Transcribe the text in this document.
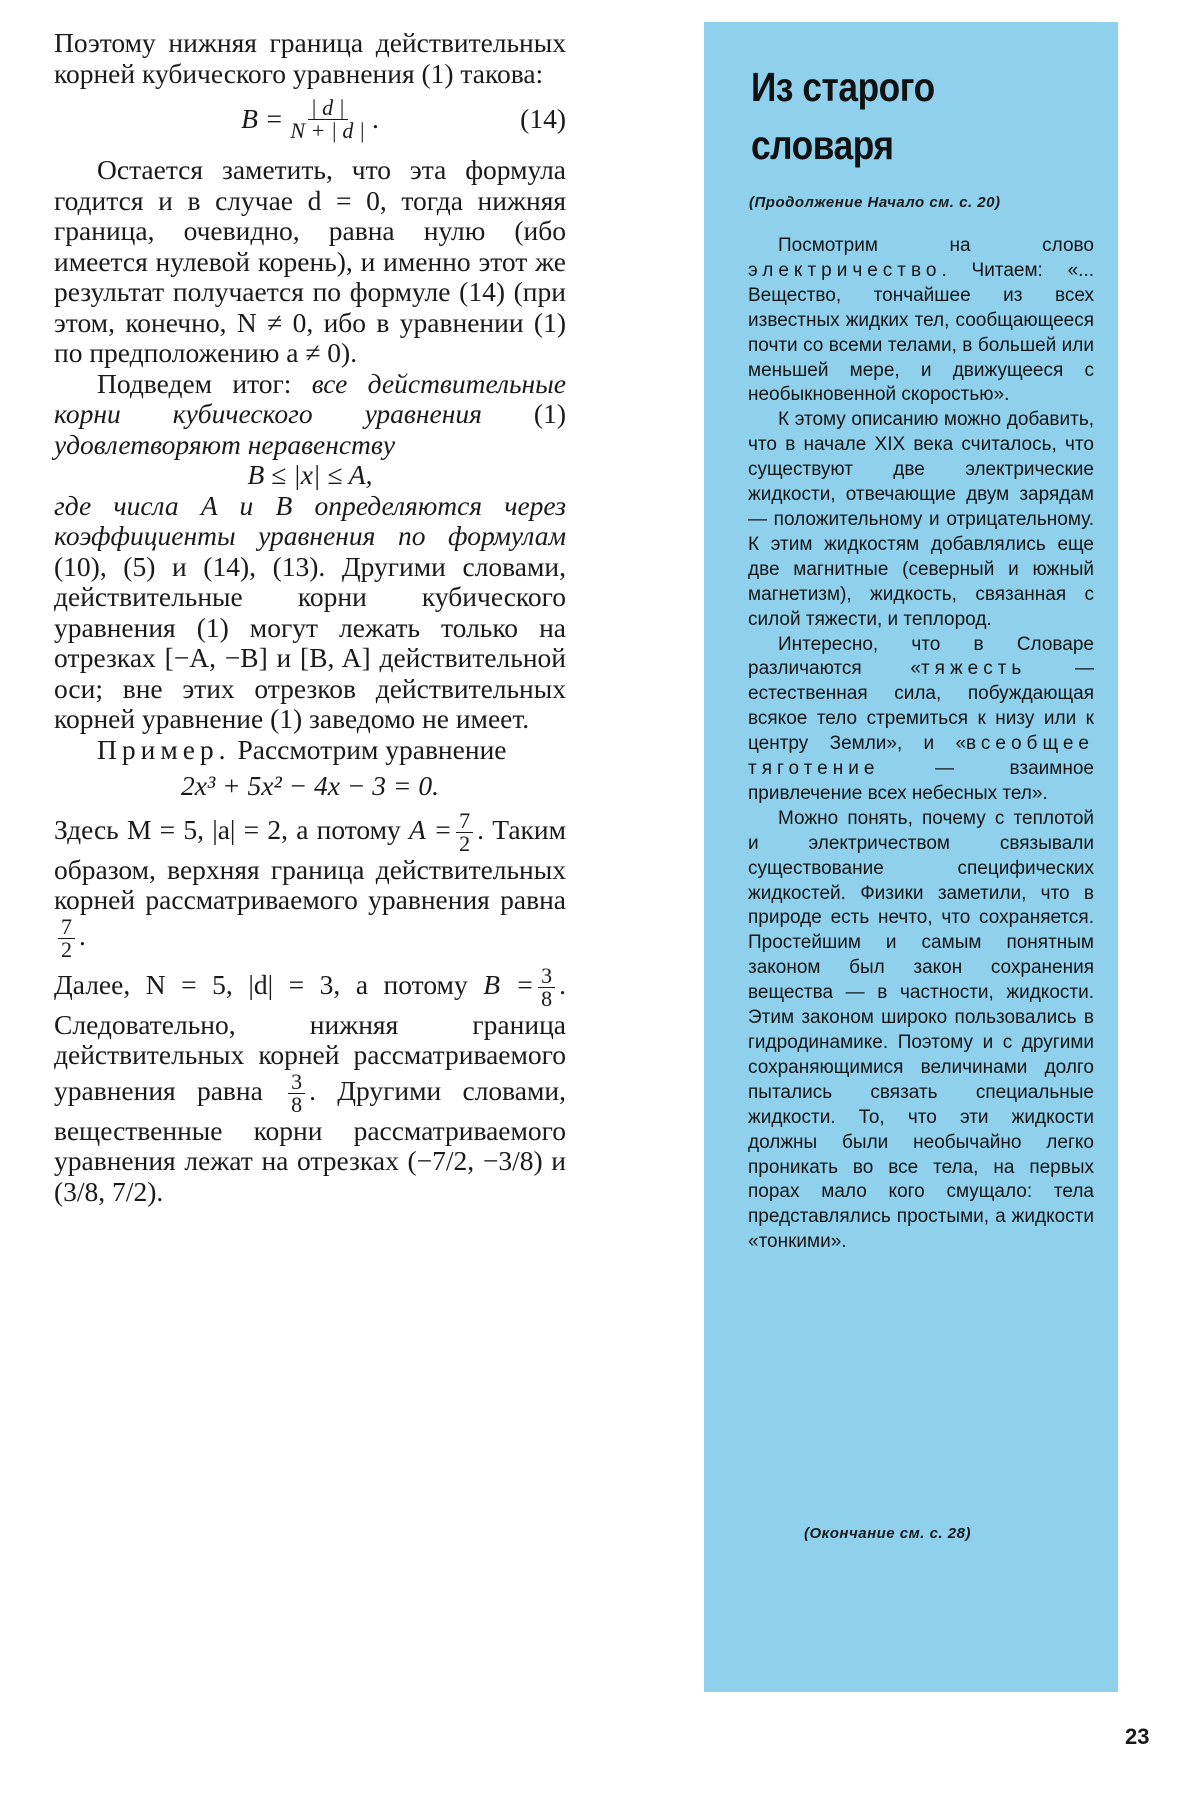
Поэтому нижняя граница действительных корней кубического уравнения (1) такова:

$B = \frac{| d |}{N + | d |}$ .	(14)

Остается заметить, что эта формула годится и в случае d = 0, тогда нижняя граница, очевидно, равна нулю (ибо имеется нулевой корень), и именно этот же результат получается по формуле (14) (при этом, конечно, N ≠ 0, ибо в уравнении (1) по предположению a ≠ 0).

Подведем итог: все действительные корни кубического уравнения (1) удовлетворяют неравенству

B ≤ |x| ≤ A,

где числа A и B определяются через коэффициенты уравнения по формулам (10), (5) и (14), (13). Другими словами, действительные корни кубического уравнения (1) могут лежать только на отрезках [−A, −B] и [B, A] действительной оси; вне этих отрезков действительных корней уравнение (1) заведомо не имеет.

Пример. Рассмотрим уравнение

2x³ + 5x² − 4x − 3 = 0.

Здесь M = 5, |a| = 2, а потому $A = \frac{7}{2}$ . Таким образом, верхняя граница действительных корней рассматриваемого уравнения равна
$\frac{7}{2}$ .

Далее, N = 5, |d| = 3, а потому $B = \frac{3}{8}$ . Следовательно, нижняя граница действительных корней рассматриваемого уравнения равна $\frac{3}{8}$ . Другими словами, вещественные корни рассматриваемого уравнения лежат на отрезках (−7/2, −3/8) и (3/8, 7/2).

Из старого словаря
(Продолжение Начало см. с. 20)

Посмотрим на слово электричество. Читаем: «... Вещество, тончайшее из всех известных жидких тел, сообщающееся почти со всеми телами, в большей или меньшей мере, и движущееся с необыкновенной скоростью».

К этому описанию можно добавить, что в начале XIX века считалось, что существуют две электрические жидкости, отвечающие двум зарядам — положительному и отрицательному. К этим жидкостям добавлялись еще две магнитные (северный и южный магнетизм), жидкость, связанная с силой тяжести, и теплород.

Интересно, что в Словаре различаются «тяжесть — естественная сила, побуждающая всякое тело стремиться к низу или к центру Земли», и «всеобщее тяготение — взаимное привлечение всех небесных тел».

Можно понять, почему с теплотой и электричеством связывали существование специфических жидкостей. Физики заметили, что в природе есть нечто, что сохраняется. Простейшим и самым понятным законом был закон сохранения вещества — в частности, жидкости. Этим законом широко пользовались в гидродинамике. Поэтому и с другими сохраняющимися величинами долго пытались связать специальные жидкости. То, что эти жидкости должны были необычайно легко проникать во все тела, на первых порах мало кого смущало: тела представлялись простыми, а жидкости «тонкими».

(Окончание см. с. 28)
23
